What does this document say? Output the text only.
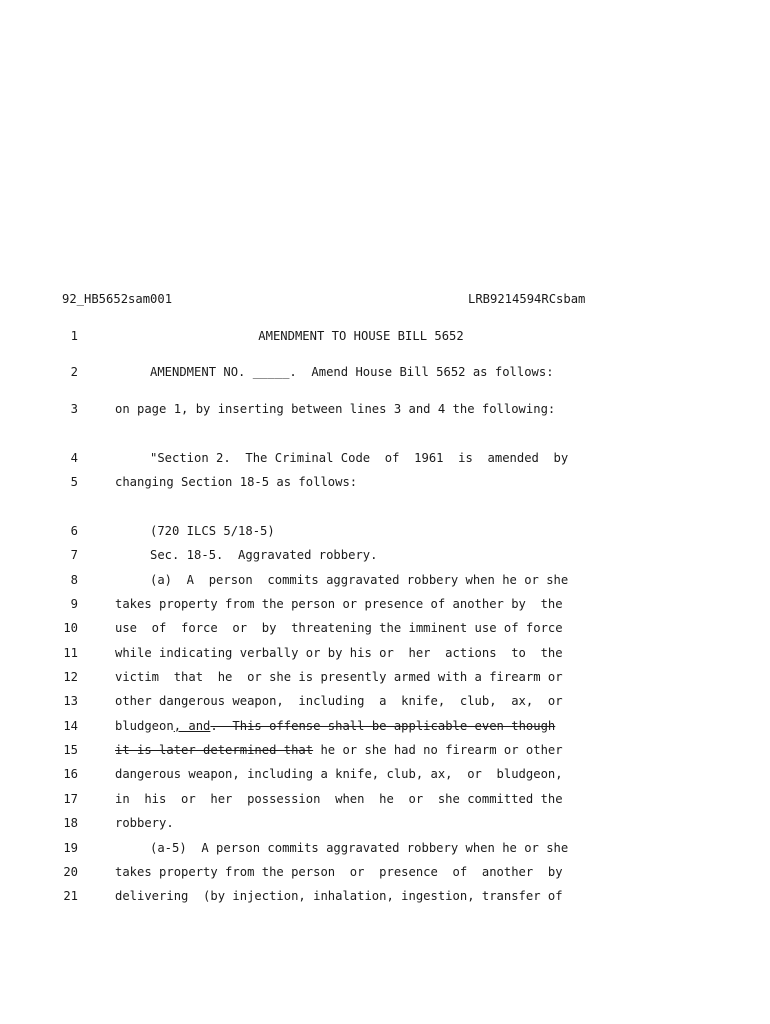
92_HB5652sam001	LRB9214594RCsbam
1	AMENDMENT TO HOUSE BILL 5652
2	AMENDMENT NO. _____.  Amend House Bill 5652 as follows:
3	on page 1, by inserting between lines 3 and 4 the following:
4	"Section 2.  The Criminal Code  of  1961  is  amended  by
5	changing Section 18-5 as follows:
6	(720 ILCS 5/18-5)
7	Sec. 18-5.  Aggravated robbery.
8	(a)  A  person  commits aggravated robbery when he or she
9	takes property from the person or presence of another by  the
10	use  of  force  or  by  threatening the imminent use of force
11	while indicating verbally or by his or  her  actions  to  the
12	victim  that  he  or she is presently armed with a firearm or
13	other dangerous weapon,  including  a  knife,  club,  ax,  or
14	bludgeon, and.  This offense shall be applicable even though
15	it is later determined that he or she had no firearm or other
16	dangerous weapon, including a knife, club, ax,  or  bludgeon,
17	in  his  or  her  possession  when  he  or  she committed the
18	robbery.
19	(a-5)  A person commits aggravated robbery when he or she
20	takes property from the person  or  presence  of  another  by
21	delivering  (by injection, inhalation, ingestion, transfer of
